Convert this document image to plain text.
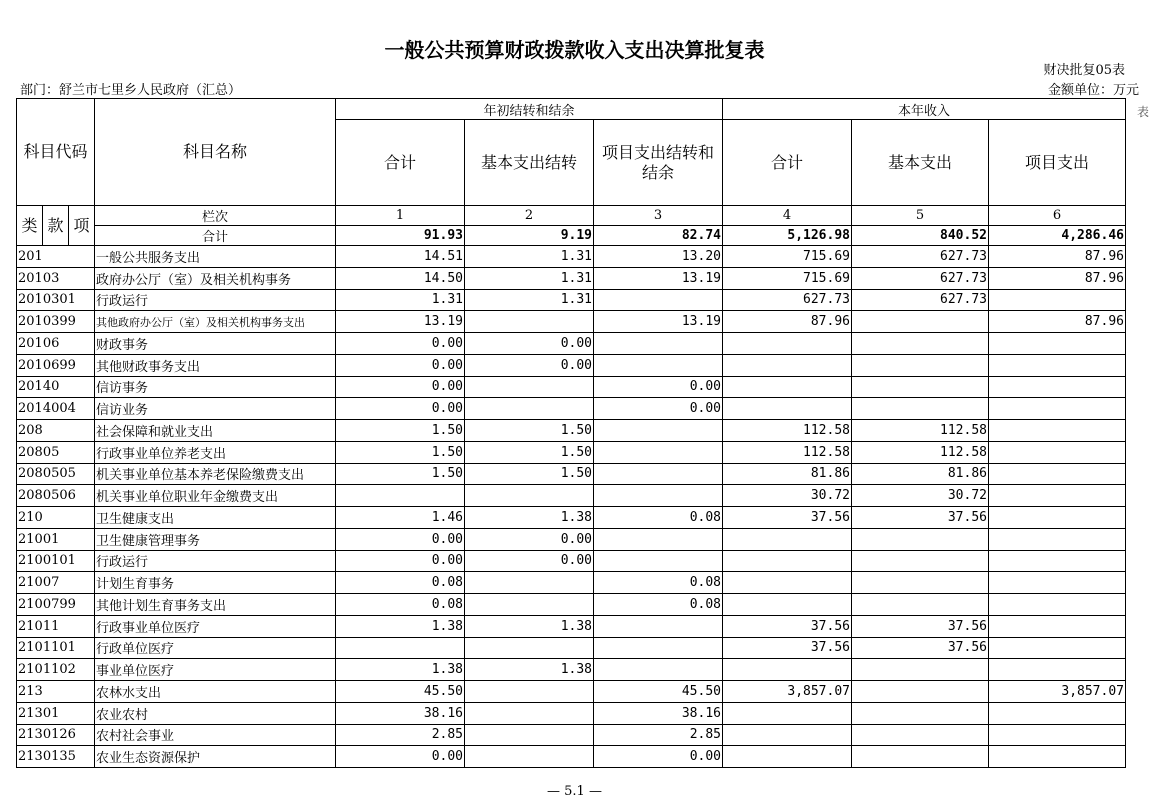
一般公共预算财政拨款收入支出决算批复表
财决批复05表
部门：舒兰市七里乡人民政府（汇总）	金额单位：万元
表
科目代码			科目名称	年初结转和结余			本年收入		
				合计	基本支出结转	项目支出结转和结余	合计	基本支出	项目支出
类	款	项	栏次	1	2	3	4	5	6
			合计	91.93	9.19	82.74	5,126.98	840.52	4,286.46
201			一般公共服务支出	14.51	1.31	13.20	715.69	627.73	87.96
20103			政府办公厅（室）及相关机构事务	14.50	1.31	13.19	715.69	627.73	87.96
2010301			行政运行	1.31	1.31		627.73	627.73	
2010399			其他政府办公厅（室）及相关机构事务支出	13.19		13.19	87.96		87.96
20106			财政事务	0.00	0.00				
2010699			其他财政事务支出	0.00	0.00				
20140			信访事务	0.00		0.00			
2014004			信访业务	0.00		0.00			
208			社会保障和就业支出	1.50	1.50		112.58	112.58	
20805			行政事业单位养老支出	1.50	1.50		112.58	112.58	
2080505			机关事业单位基本养老保险缴费支出	1.50	1.50		81.86	81.86	
2080506			机关事业单位职业年金缴费支出				30.72	30.72	
210			卫生健康支出	1.46	1.38	0.08	37.56	37.56	
21001			卫生健康管理事务	0.00	0.00				
2100101			行政运行	0.00	0.00				
21007			计划生育事务	0.08		0.08			
2100799			其他计划生育事务支出	0.08		0.08			
21011			行政事业单位医疗	1.38	1.38		37.56	37.56	
2101101			行政单位医疗				37.56	37.56	
2101102			事业单位医疗	1.38	1.38				
213			农林水支出	45.50		45.50	3,857.07		3,857.07
21301			农业农村	38.16		38.16			
2130126			农村社会事业	2.85		2.85			
2130135			农业生态资源保护	0.00		0.00			
— 5.1 —
